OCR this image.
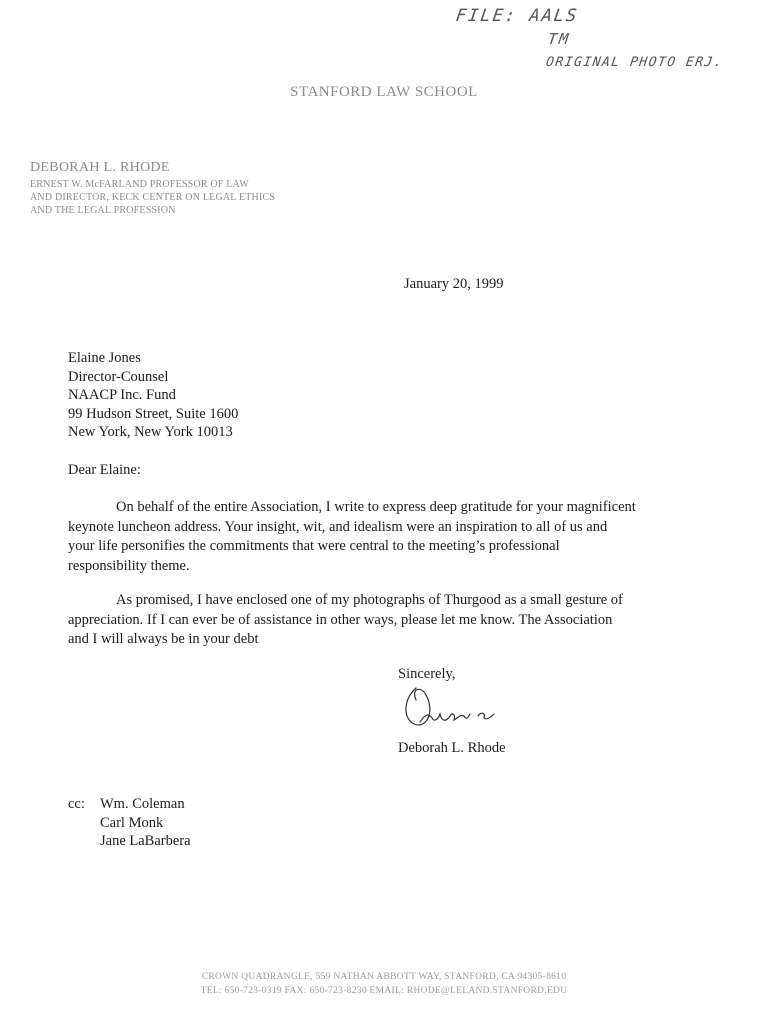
FILE: AALS
TM
ORIGINAL PHOTO ERJ.
STANFORD LAW SCHOOL
DEBORAH L. RHODE
ERNEST W. McFARLAND PROFESSOR OF LAW
AND DIRECTOR, KECK CENTER ON LEGAL ETHICS
AND THE LEGAL PROFESSION
January 20, 1999
Elaine Jones
Director-Counsel
NAACP Inc. Fund
99 Hudson Street, Suite 1600
New York, New York 10013
Dear Elaine:
On behalf of the entire Association, I write to express deep gratitude for your magnificent
keynote luncheon address. Your insight, wit, and idealism were an inspiration to all of us and
your life personifies the commitments that were central to the meeting’s professional
responsibility theme.
As promised, I have enclosed one of my photographs of Thurgood as a small gesture of
appreciation. If I can ever be of assistance in other ways, please let me know. The Association
and I will always be in your debt
Sincerely,
Deborah L. Rhode
cc: Wm. Coleman
Carl Monk
Jane LaBarbera
CROWN QUADRANGLE, 559 NATHAN ABBOTT WAY, STANFORD, CA 94305-8610
TEL: 650-723-0319 FAX: 650-723-8230 EMAIL: RHODE@LELAND.STANFORD.EDU
